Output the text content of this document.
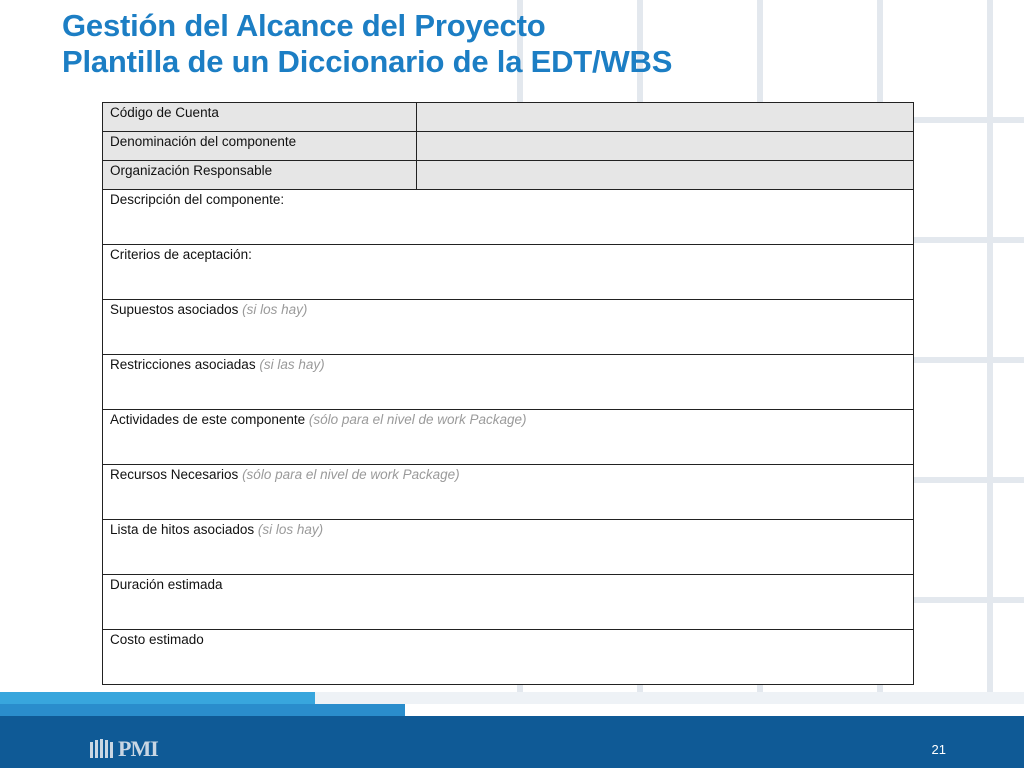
Gestión del Alcance del Proyecto
Plantilla de un Diccionario de la EDT/WBS
Código de Cuenta	
Denominación del componente	
Organización Responsable	
Descripción del componente:	
Criterios de aceptación:	
Supuestos asociados (si los hay)	
Restricciones asociadas (si las hay)	
Actividades de este componente (sólo para el nivel de work Package)	
Recursos Necesarios (sólo para el nivel de work Package)	
Lista de hitos asociados (si los hay)	
Duración estimada	
Costo estimado	
PMI	21
